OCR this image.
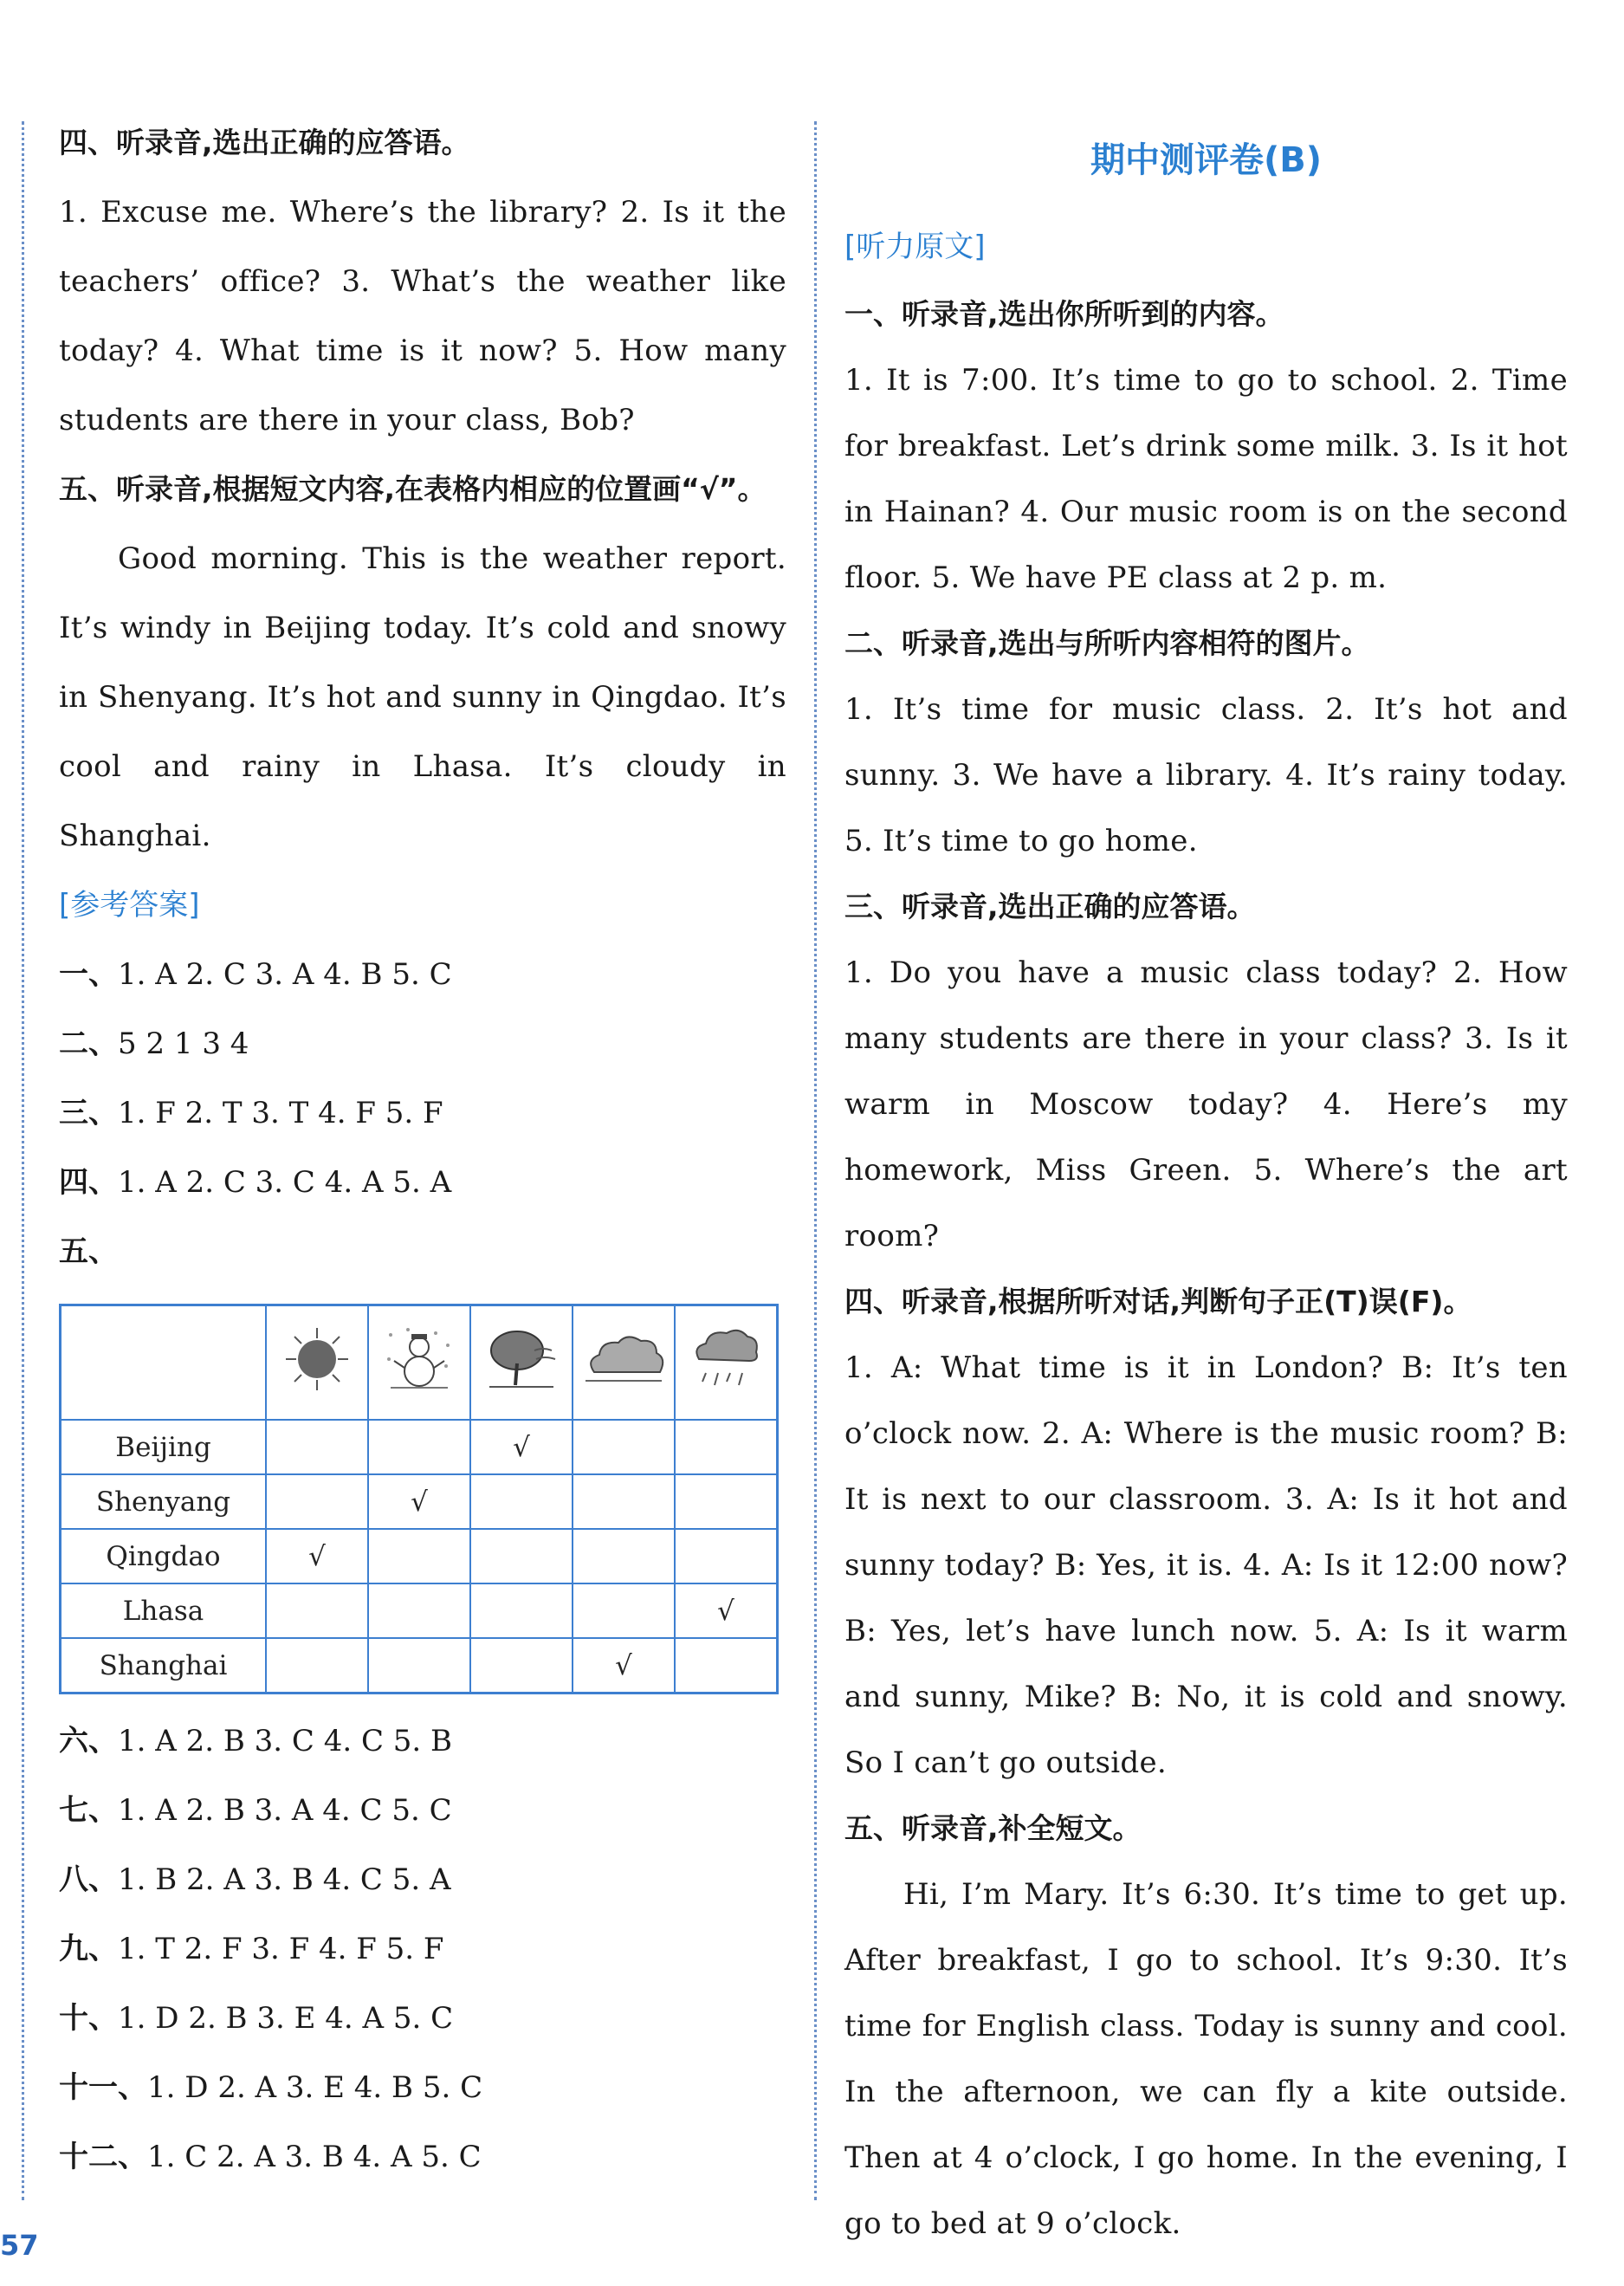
四、听录音,选出正确的应答语。

1. Excuse me. Where’s the library? 2. Is it the teachers’ office? 3. What’s the weather like today? 4. What time is it now? 5. How many students are there in your class, Bob?

五、听录音,根据短文内容,在表格内相应的位置画“√”。

Good morning. This is the weather report. It’s windy in Beijing today. It’s cold and snowy in Shenyang. It’s hot and sunny in Qingdao. It’s cool and rainy in Lhasa. It’s cloudy in Shanghai.

[参考答案]

一、1. A 2. C 3. A 4. B 5. C

二、5 2 1 3 4

三、1. F 2. T 3. T 4. F 5. F

四、1. A 2. C 3. C 4. A 5. A

五、

Beijing			√		
Shenyang		√			
Qingdao	√				
Lhasa					√
Shanghai				√	

六、1. A 2. B 3. C 4. C 5. B

七、1. A 2. B 3. A 4. C 5. C

八、1. B 2. A 3. B 4. C 5. A

九、1. T 2. F 3. F 4. F 5. F

十、1. D 2. B 3. E 4. A 5. C

十一、1. D 2. A 3. E 4. B 5. C

十二、1. C 2. A 3. B 4. A 5. C

期中测评卷(B)

[听力原文]

一、听录音,选出你所听到的内容。

1. It is 7:00. It’s time to go to school. 2. Time for breakfast. Let’s drink some milk. 3. Is it hot in Hainan? 4. Our music room is on the second floor. 5. We have PE class at 2 p. m.

二、听录音,选出与所听内容相符的图片。

1. It’s time for music class. 2. It’s hot and sunny. 3. We have a library. 4. It’s rainy today. 5. It’s time to go home.

三、听录音,选出正确的应答语。

1. Do you have a music class today? 2. How many students are there in your class? 3. Is it warm in Moscow today? 4. Here’s my homework, Miss Green. 5. Where’s the art room?

四、听录音,根据所听对话,判断句子正(T)误(F)。

1. A: What time is it in London? B: It’s ten o’clock now. 2. A: Where is the music room? B: It is next to our classroom. 3. A: Is it hot and sunny today? B: Yes, it is. 4. A: Is it 12:00 now? B: Yes, let’s have lunch now. 5. A: Is it warm and sunny, Mike? B: No, it is cold and snowy. So I can’t go outside.

五、听录音,补全短文。

Hi, I’m Mary. It’s 6:30. It’s time to get up. After breakfast, I go to school. It’s 9:30. It’s time for English class. Today is sunny and cool. In the afternoon, we can fly a kite outside. Then at 4 o’clock, I go home. In the evening, I go to bed at 9 o’clock.

57
